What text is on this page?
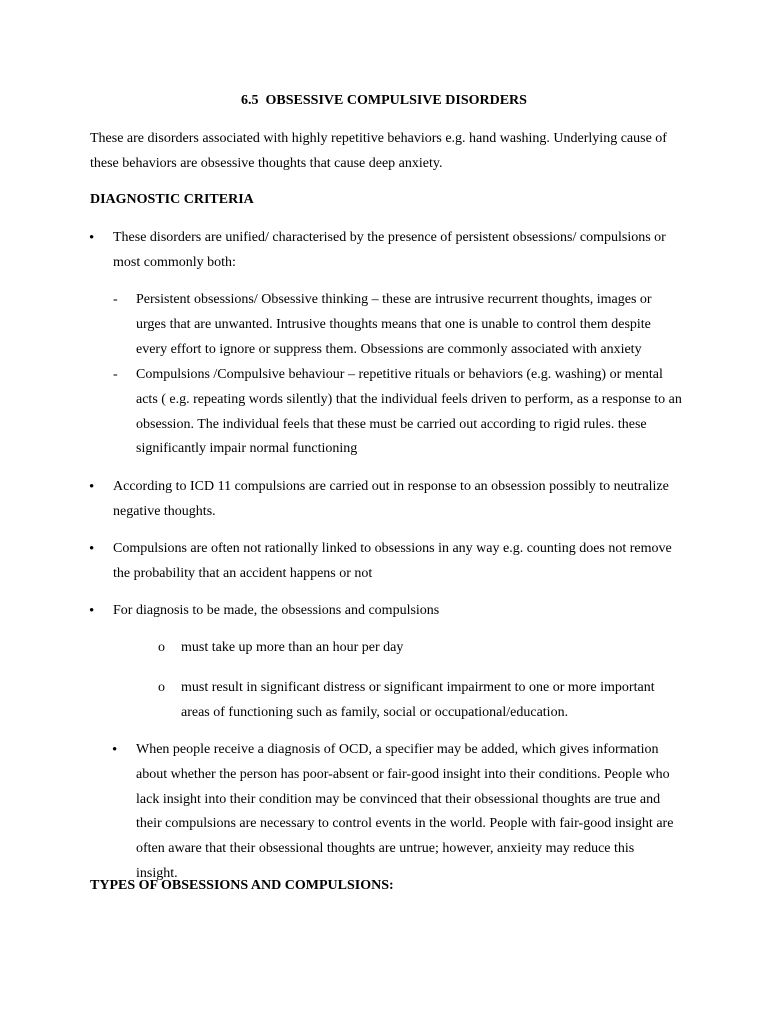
6.5  OBSESSIVE COMPULSIVE DISORDERS

These are disorders associated with highly repetitive behaviors e.g. hand washing. Underlying cause of these behaviors are obsessive thoughts that cause deep anxiety.

DIAGNOSTIC CRITERIA
• These disorders are unified/ characterised by the presence of persistent obsessions/ compulsions or most commonly both:

- Persistent obsessions/ Obsessive thinking – these are intrusive recurrent thoughts, images or urges that are unwanted. Intrusive thoughts means that one is unable to control them despite every effort to ignore or suppress them. Obsessions are commonly associated with anxiety

- Compulsions /Compulsive behaviour – repetitive rituals or behaviors (e.g. washing) or mental acts ( e.g. repeating words silently) that the individual feels driven to perform, as a response to an obsession. The individual feels that these must be carried out according to rigid rules. these significantly impair normal functioning

• According to ICD 11 compulsions are carried out in response to an obsession possibly to neutralize negative thoughts.

• Compulsions are often not rationally linked to obsessions in any way e.g. counting does not remove the probability that an accident happens or not

• For diagnosis to be made, the obsessions and compulsions

o must take up more than an hour per day

o must result in significant distress or significant impairment to one or more important areas of functioning such as family, social or occupational/education.

• When people receive a diagnosis of OCD, a specifier may be added, which gives information about whether the person has poor-absent or fair-good insight into their conditions. People who lack insight into their condition may be convinced that their obsessional thoughts are true and their compulsions are necessary to control events in the world. People with fair-good insight are often aware that their obsessional thoughts are untrue; however, anxieity may reduce this insight.

TYPES OF OBSESSIONS AND COMPULSIONS:
